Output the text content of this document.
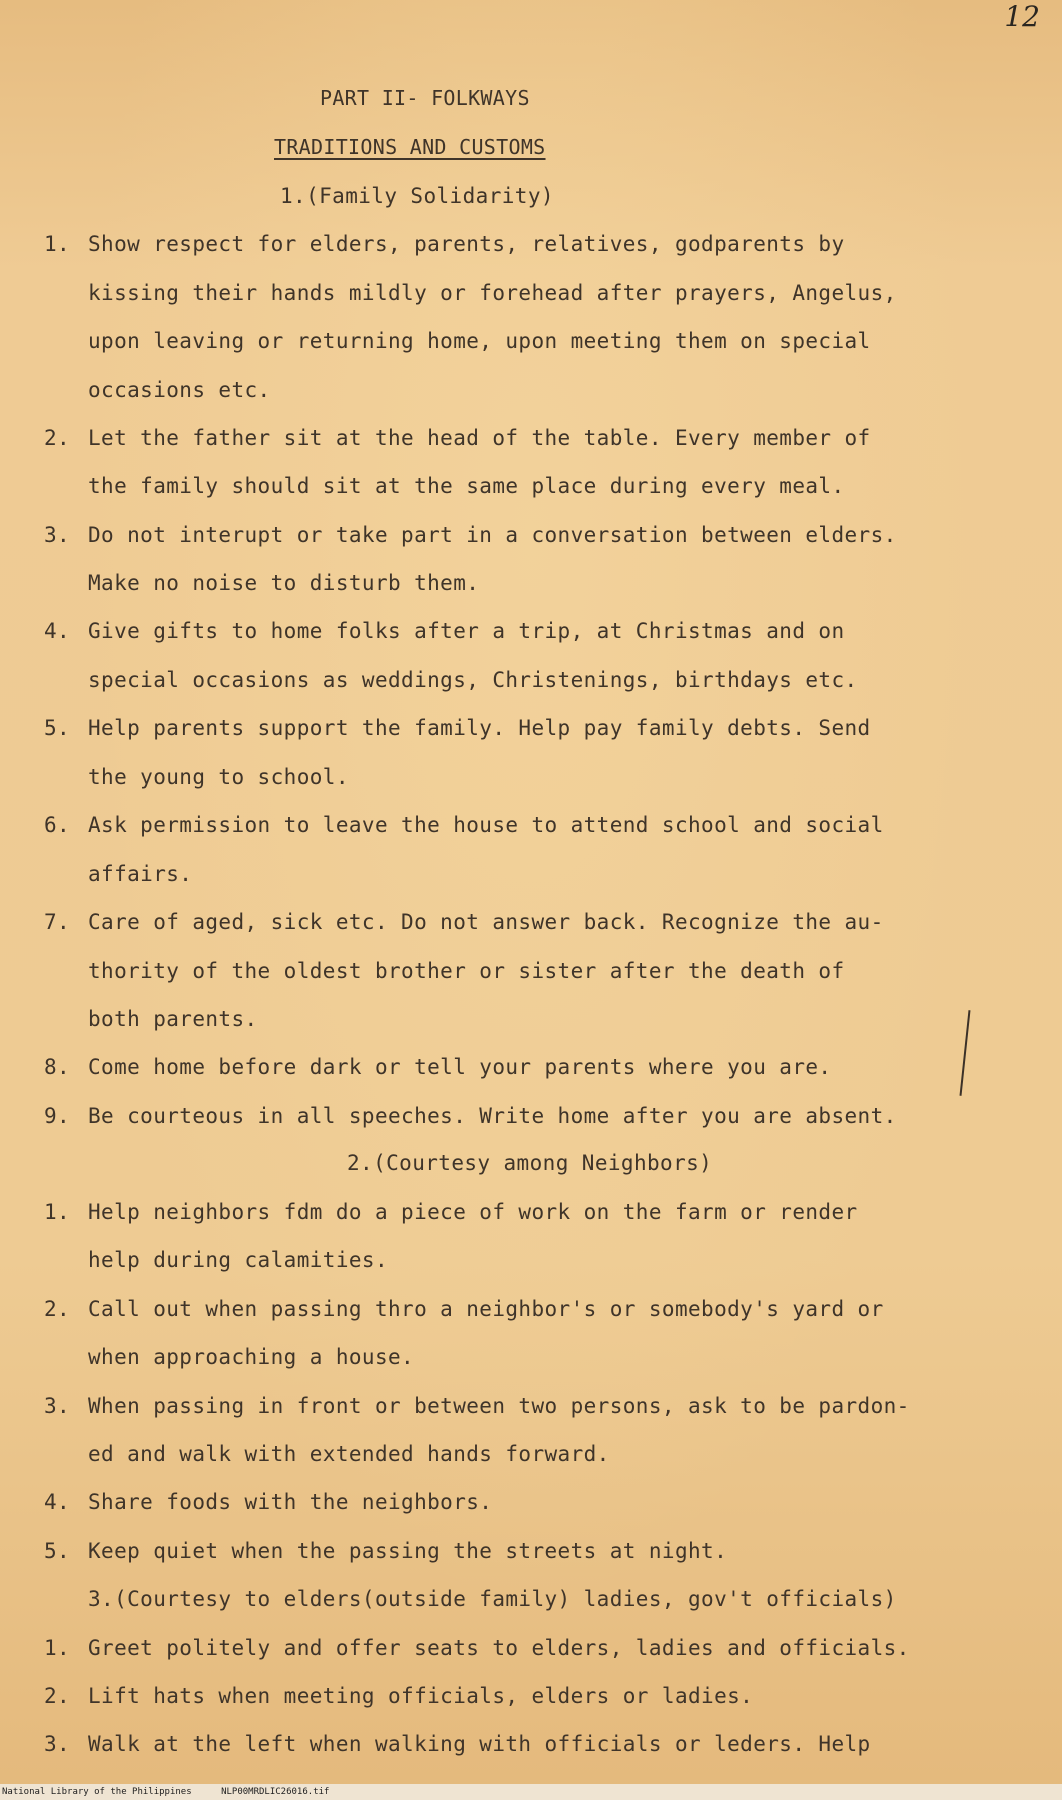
12
PART II- FOLKWAYS
TRADITIONS AND CUSTOMS
1.(Family Solidarity)
1. Show respect for elders, parents, relatives, godparents by
kissing their hands mildly or forehead after prayers, Angelus,
upon leaving or returning home, upon meeting them on special
occasions etc.
2. Let the father sit at the head of the table. Every member of
the family should sit at the same place during every meal.
3. Do not interupt or take part in a conversation between elders.
Make no noise to disturb them.
4. Give gifts to home folks after a trip, at Christmas and on
special occasions as weddings, Christenings, birthdays etc.
5. Help parents support the family. Help pay family debts. Send
the young to school.
6. Ask permission to leave the house to attend school and social
affairs.
7. Care of aged, sick etc. Do not answer back. Recognize the au-
thority of the oldest brother or sister after the death of
both parents.
8. Come home before dark or tell your parents where you are.
9. Be courteous in all speeches. Write home after you are absent.
2.(Courtesy among Neighbors)
1. Help neighbors fdm do a piece of work on the farm or render
help during calamities.
2. Call out when passing thro a neighbor's or somebody's yard or
when approaching a house.
3. When passing in front or between two persons, ask to be pardon-
ed and walk with extended hands forward.
4. Share foods with the neighbors.
5. Keep quiet when the passing the streets at night.
3.(Courtesy to elders(outside family) ladies, gov't officials)
1. Greet politely and offer seats to elders, ladies and officials.
2. Lift hats when meeting officials, elders or ladies.
3. Walk at the left when walking with officials or leders. Help
National Library of the Philippines	NLP00MRDLIC26016.tif
